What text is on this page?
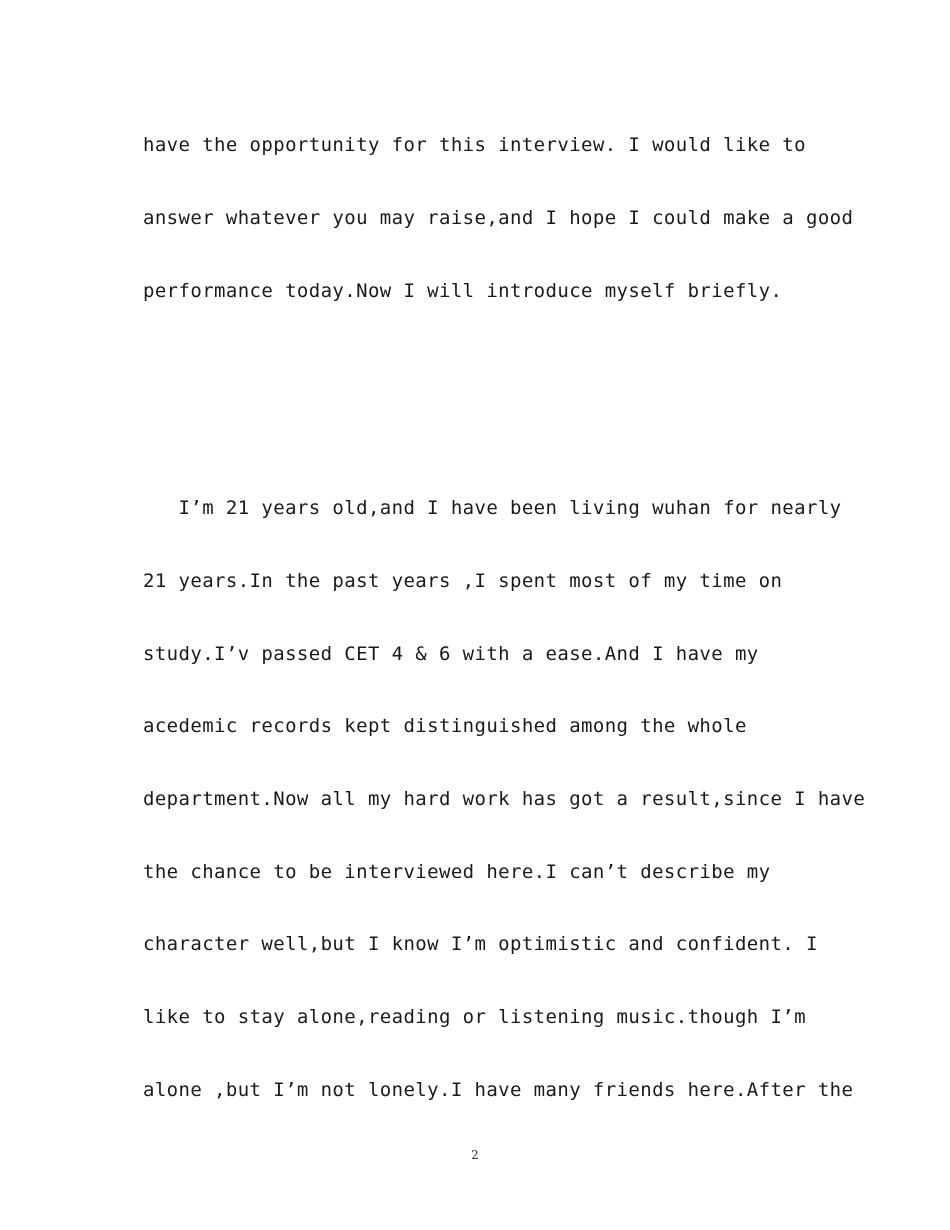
have the opportunity for this interview. I would like to

answer whatever you may raise,and I hope I could make a good

performance today.Now I will introduce myself briefly.

I’m 21 years old,and I have been living wuhan for nearly

21 years.In the past years ,I spent most of my time on

study.I’v passed CET 4 & 6 with a ease.And I have my

acedemic records kept distinguished among the whole

department.Now all my hard work has got a result,since I have

the chance to be interviewed here.I can’t describe my

character well,but I know I’m optimistic and confident. I

like to stay alone,reading or listening music.though I’m

alone ,but I’m not lonely.I have many friends here.After the

2
